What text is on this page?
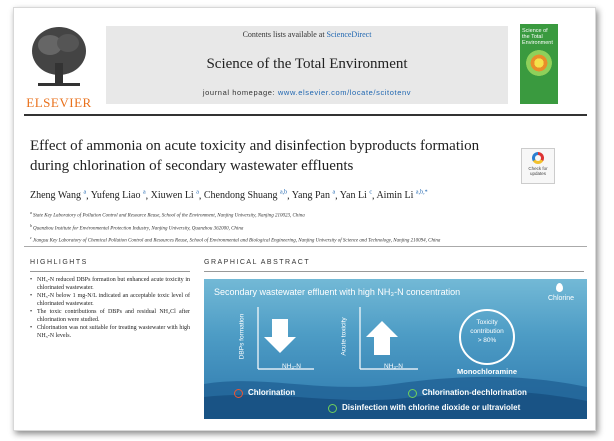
ELSEVIER
Contents lists available at ScienceDirect
Science of the Total Environment
journal homepage: www.elsevier.com/locate/scitotenv
Science of the Total Environment
Effect of ammonia on acute toxicity and disinfection byproducts formation during chlorination of secondary wastewater effluents	Check for updates
Zheng Wang $^a$, Yufeng Liao $^a$, Xiuwen Li $^a$, Chendong Shuang $^{a,b}$, Yang Pan $^a$, Yan Li $^c$, Aimin Li $^{a,b,*}$
$^a$ State Key Laboratory of Pollution Control and Resource Reuse, School of the Environment, Nanjing University, Nanjing 210023, China
$^b$ Quanzhou Institute for Environmental Protection Industry, Nanjing University, Quanzhou 362000, China
$^c$ Jiangsu Key Laboratory of Chemical Pollution Control and Resources Reuse, School of Environmental and Biological Engineering, Nanjing University of Science and Technology, Nanjing 210094, China
HIGHLIGHTS
• NH₃-N reduced DBPs formation but enhanced acute toxicity in chlorinated wastewater.
• NH₃-N below 1 mg-N/L indicated an acceptable toxic level of chlorinated wastewater.
• The toxic contributions of DBPs and residual NH₂Cl after chlorination were studied.
• Chlorination was not suitable for treating wastewater with high NH₃-N levels.
GRAPHICAL ABSTRACT
Secondary wastewater effluent with high NH₃-N concentration
Chlorine
DBPs formation	Acute toxicity
NH₃-N	NH₃-N
Toxicity
contribution
> 80%
Monochloramine
Chlorination	Chlorination-dechlorination
Disinfection with chlorine dioxide or ultraviolet
